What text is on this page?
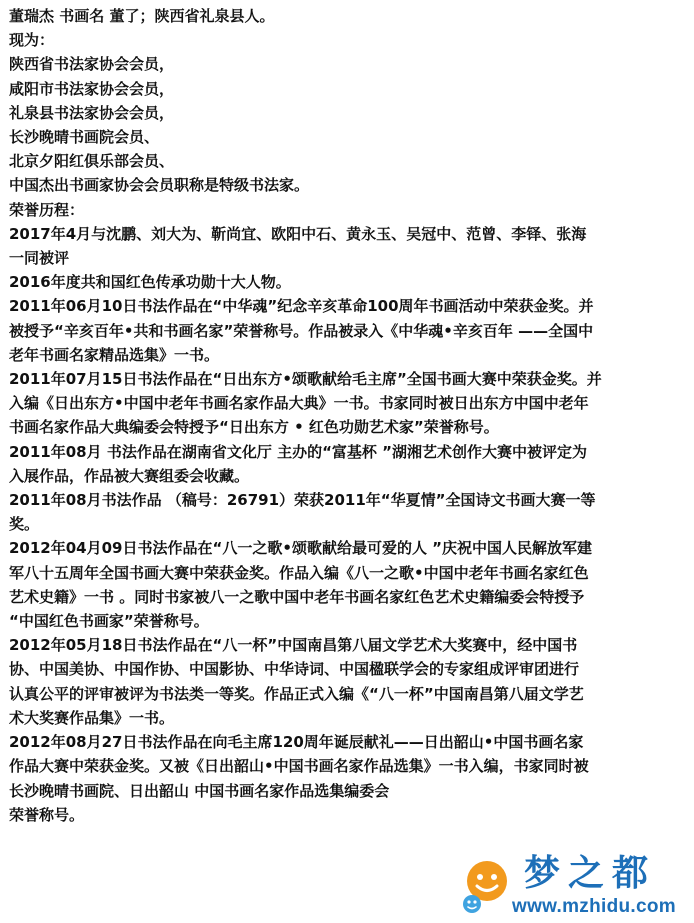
董瑞杰 书画名 董了；陕西省礼泉县人。
现为：
陕西省书法家协会会员，
咸阳市书法家协会会员，
礼泉县书法家协会会员，
长沙晚晴书画院会员、
北京夕阳红俱乐部会员、
中国杰出书画家协会会员职称是特级书法家。
荣誉历程：
2017年4月与沈鹏、刘大为、靳尚宜、欧阳中石、黄永玉、吴冠中、范曾、李铎、张海
一同被评
2016年度共和国红色传承功勋十大人物。
2011年06月10日书法作品在“中华魂”纪念辛亥革命100周年书画活动中荣获金奖。并
被授予“辛亥百年•共和书画名家”荣誉称号。作品被录入《中华魂•辛亥百年 ——全国中
老年书画名家精品选集》一书。
2011年07月15日书法作品在“日出东方•颂歌献给毛主席”全国书画大赛中荣获金奖。并
入编《日出东方•中国中老年书画名家作品大典》一书。书家同时被日出东方中国中老年
书画名家作品大典编委会特授予“日出东方 • 红色功勋艺术家”荣誉称号。
2011年08月 书法作品在湖南省文化厅 主办的“富基杯 ”湖湘艺术创作大赛中被评定为
入展作品，作品被大赛组委会收藏。
2011年08月书法作品 （稿号：26791）荣获2011年“华夏情”全国诗文书画大赛一等
奖。
2012年04月09日书法作品在“八一之歌•颂歌献给最可爱的人 ”庆祝中国人民解放军建
军八十五周年全国书画大赛中荣获金奖。作品入编《八一之歌•中国中老年书画名家红色
艺术史籍》一书 。同时书家被八一之歌中国中老年书画名家红色艺术史籍编委会特授予
“中国红色书画家”荣誉称号。
2012年05月18日书法作品在“八一杯”中国南昌第八届文学艺术大奖赛中，经中国书
协、中国美协、中国作协、中国影协、中华诗词、中国楹联学会的专家组成评审团进行
认真公平的评审被评为书法类一等奖。作品正式入编《“八一杯”中国南昌第八届文学艺
术大奖赛作品集》一书。
2012年08月27日书法作品在向毛主席120周年诞辰献礼——日出韶山•中国书画名家
作品大赛中荣获金奖。又被《日出韶山•中国书画名家作品选集》一书入编，书家同时被
长沙晚晴书画院、日出韶山 中国书画名家作品选集编委会
荣誉称号。
梦之都
www.mzhidu.com
